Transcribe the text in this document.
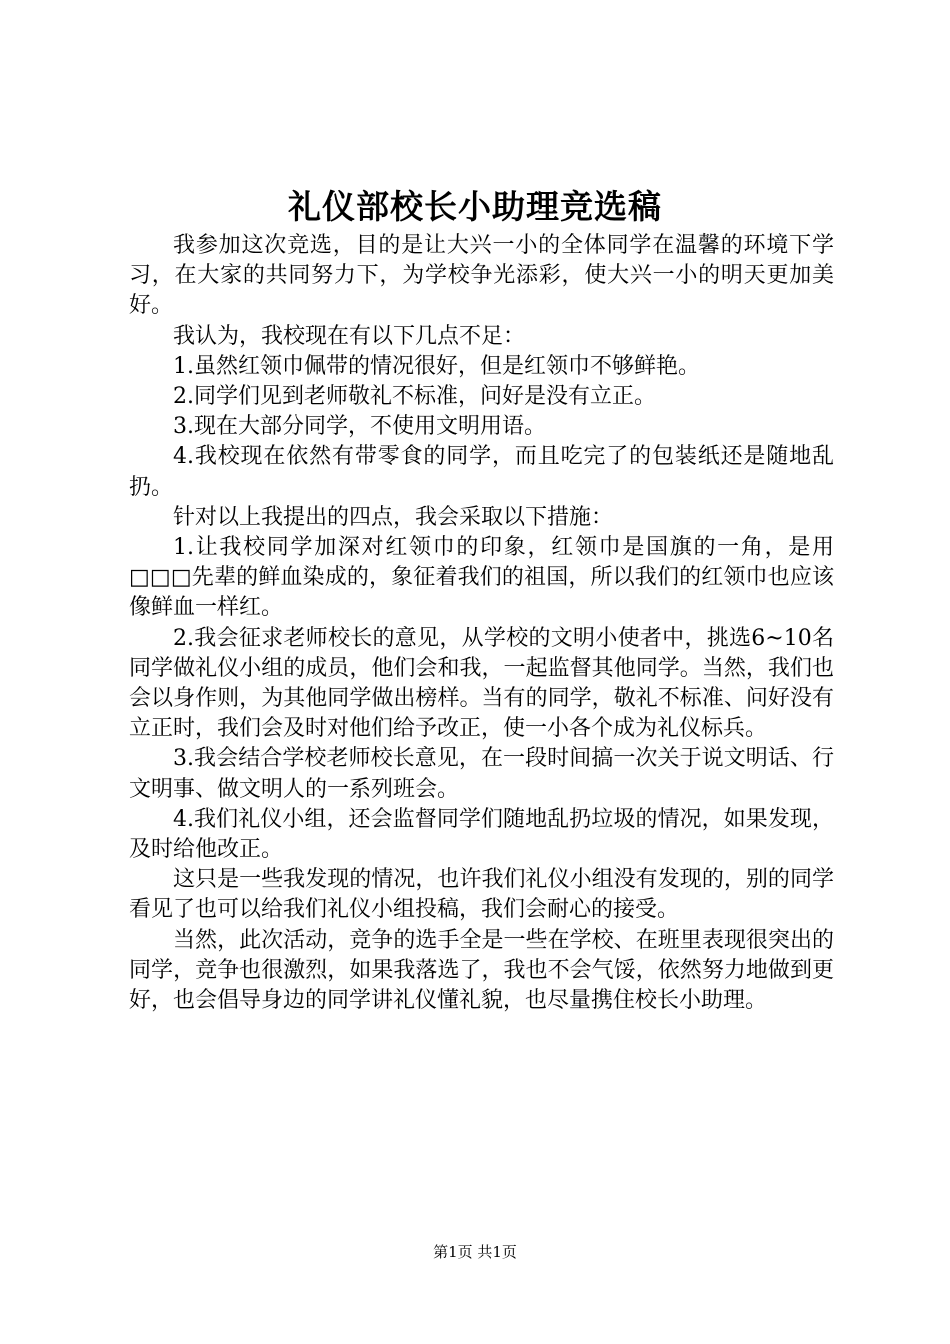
礼仪部校长小助理竞选稿

我参加这次竞选，目的是让大兴一小的全体同学在温馨的环境下学习，在大家的共同努力下，为学校争光添彩，使大兴一小的明天更加美好。

我认为，我校现在有以下几点不足：

1.虽然红领巾佩带的情况很好，但是红领巾不够鲜艳。

2.同学们见到老师敬礼不标准，问好是没有立正。

3.现在大部分同学，不使用文明用语。

4.我校现在依然有带零食的同学，而且吃完了的包装纸还是随地乱扔。

针对以上我提出的四点，我会采取以下措施：

1.让我校同学加深对红领巾的印象，红领巾是国旗的一角，是用□□□先辈的鲜血染成的，象征着我们的祖国，所以我们的红领巾也应该像鲜血一样红。

2.我会征求老师校长的意见，从学校的文明小使者中，挑选6~10名同学做礼仪小组的成员，他们会和我，一起监督其他同学。当然，我们也会以身作则，为其他同学做出榜样。当有的同学，敬礼不标准、问好没有立正时，我们会及时对他们给予改正，使一小各个成为礼仪标兵。

3.我会结合学校老师校长意见，在一段时间搞一次关于说文明话、行文明事、做文明人的一系列班会。

4.我们礼仪小组，还会监督同学们随地乱扔垃圾的情况，如果发现，及时给他改正。

这只是一些我发现的情况，也许我们礼仪小组没有发现的，别的同学看见了也可以给我们礼仪小组投稿，我们会耐心的接受。

当然，此次活动，竞争的选手全是一些在学校、在班里表现很突出的同学，竞争也很激烈，如果我落选了，我也不会气馁，依然努力地做到更好，也会倡导身边的同学讲礼仪懂礼貌，也尽量携住校长小助理。

第1页 共1页
